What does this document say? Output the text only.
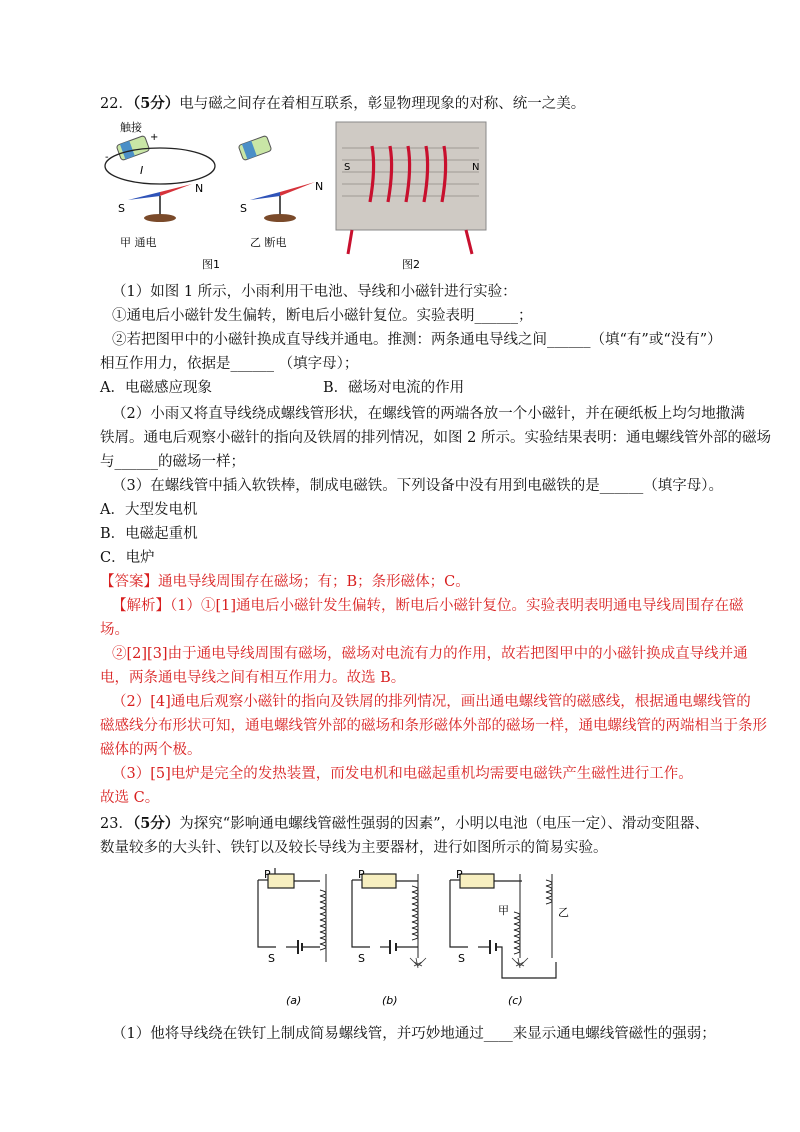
22．（5分）电与磁之间存在着相互联系，彰显物理现象的对称、统一之美。
触接
+
-
I
N
S
甲 通电
N
S
乙 断电
图1
S	N
图2
（1）如图 1 所示，小雨利用干电池、导线和小磁针进行实验：
①通电后小磁针发生偏转，断电后小磁针复位。实验表明______；
②若把图甲中的小磁针换成直导线并通电。推测：两条通电导线之间______（填“有”或“没有”）
相互作用力，依据是______ （填字母）；
A．电磁感应现象	B．磁场对电流的作用
（2）小雨又将直导线绕成螺线管形状，在螺线管的两端各放一个小磁针，并在硬纸板上均匀地撒满
铁屑。通电后观察小磁针的指向及铁屑的排列情况，如图 2 所示。实验结果表明：通电螺线管外部的磁场
与______的磁场一样；
（3）在螺线管中插入软铁棒，制成电磁铁。下列设备中没有用到电磁铁的是______（填字母）。
A．大型发电机
B．电磁起重机
C．电炉
【答案】通电导线周围存在磁场；有；B；条形磁体；C。
【解析】（1）①[1]通电后小磁针发生偏转，断电后小磁针复位。实验表明表明通电导线周围存在磁
场。
②[2][3]由于通电导线周围有磁场，磁场对电流有力的作用，故若把图甲中的小磁针换成直导线并通
电，两条通电导线之间有相互作用力。故选 B。
（2）[4]通电后观察小磁针的指向及铁屑的排列情况，画出通电螺线管的磁感线，根据通电螺线管的
磁感线分布形状可知，通电螺线管外部的磁场和条形磁体外部的磁场一样，通电螺线管的两端相当于条形
磁体的两个极。
（3）[5]电炉是完全的发热装置，而发电机和电磁起重机均需要电磁铁产生磁性进行工作。
故选 C。
23．（5分）为探究“影响通电螺线管磁性强弱的因素”，小明以电池（电压一定）、滑动变阻器、
数量较多的大头针、铁钉以及较长导线为主要器材，进行如图所示的简易实验。
P	P	P
S	S	S
甲	乙
(a)	(b)	(c)
（1）他将导线绕在铁钉上制成简易螺线管，并巧妙地通过____来显示通电螺线管磁性的强弱；
